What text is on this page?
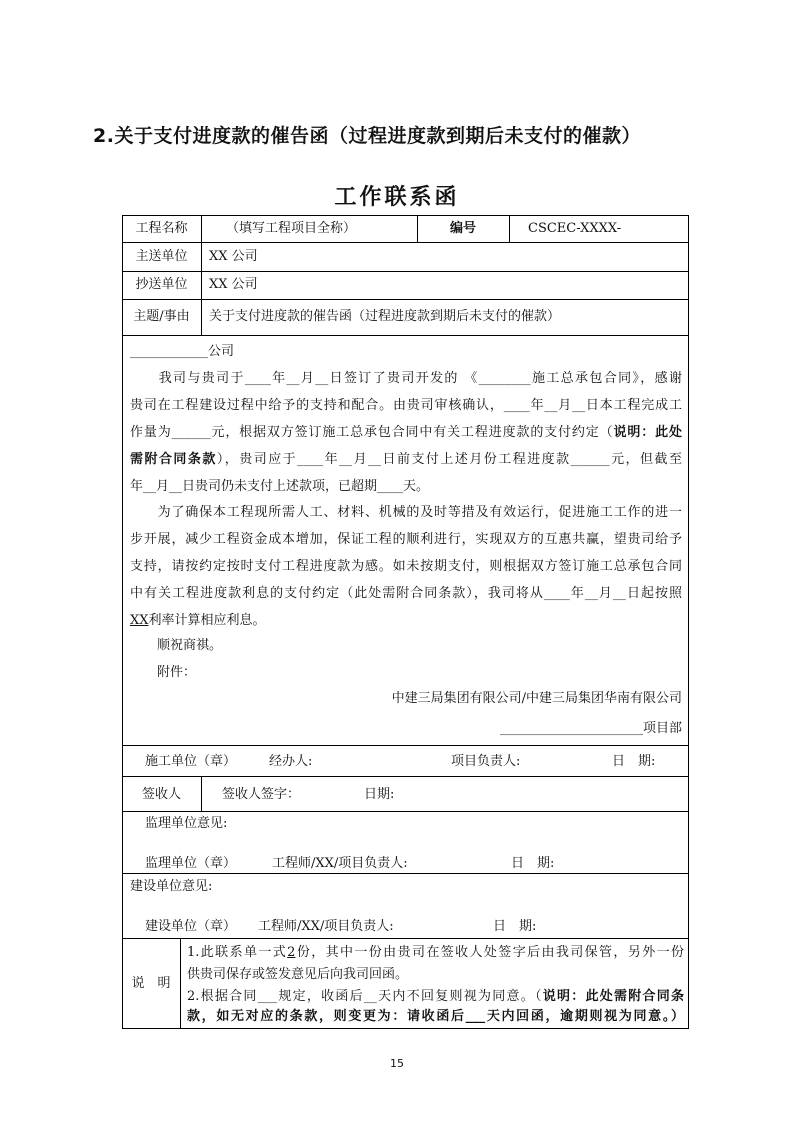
2.关于支付进度款的催告函（过程进度款到期后未支付的催款）
工作联系函
工程名称	（填写工程项目全称）	编号	CSCEC-XXXX-
主送单位	XX 公司
抄送单位	XX 公司
主题/事由	关于支付进度款的催告函（过程进度款到期后未支付的催款）
____________公司
　　我司与贵司于____年__月__日签订了贵司开发的 《________施工总承包合同》，感谢
贵司在工程建设过程中给予的支持和配合。由贵司审核确认，____年__月__日本工程完成工
作量为______元，根据双方签订施工总承包合同中有关工程进度款的支付约定（说明：此处
需附合同条款），贵司应于____年__月__日前支付上述月份工程进度款______元，但截至
年__月__日贵司仍未支付上述款项，已超期____天。
　　为了确保本工程现所需人工、材料、机械的及时等措及有效运行，促进施工工作的进一
步开展，减少工程资金成本增加，保证工程的顺利进行，实现双方的互惠共赢，望贵司给予
支持，请按约定按时支付工程进度款为感。如未按期支付，则根据双方签订施工总承包合同
中有关工程进度款利息的支付约定（此处需附合同条款），我司将从____年__月__日起按照
XX利率计算相应利息。
顺祝商祺。
附件：
中建三局集团有限公司/中建三局集团华南有限公司
______________________项目部
施工单位（章）	经办人:	项目负责人:	日　期:
签收人	签收人签字：	日期:
监理单位意见:
监理单位（章）	工程师/XX/项目负责人:	日　期:
建设单位意见:
建设单位（章） 工程师/XX/项目负责人:	日　期:
说　明
1.此联系单一式2份，其中一份由贵司在签收人处签字后由我司保管，另外一份
供贵司保存或签发意见后向我司回函。
2.根据合同___规定，收函后__天内不回复则视为同意。（说明：此处需附合同条
款，如无对应的条款，则变更为：请收函后___天内回函，逾期则视为同意。）
15
